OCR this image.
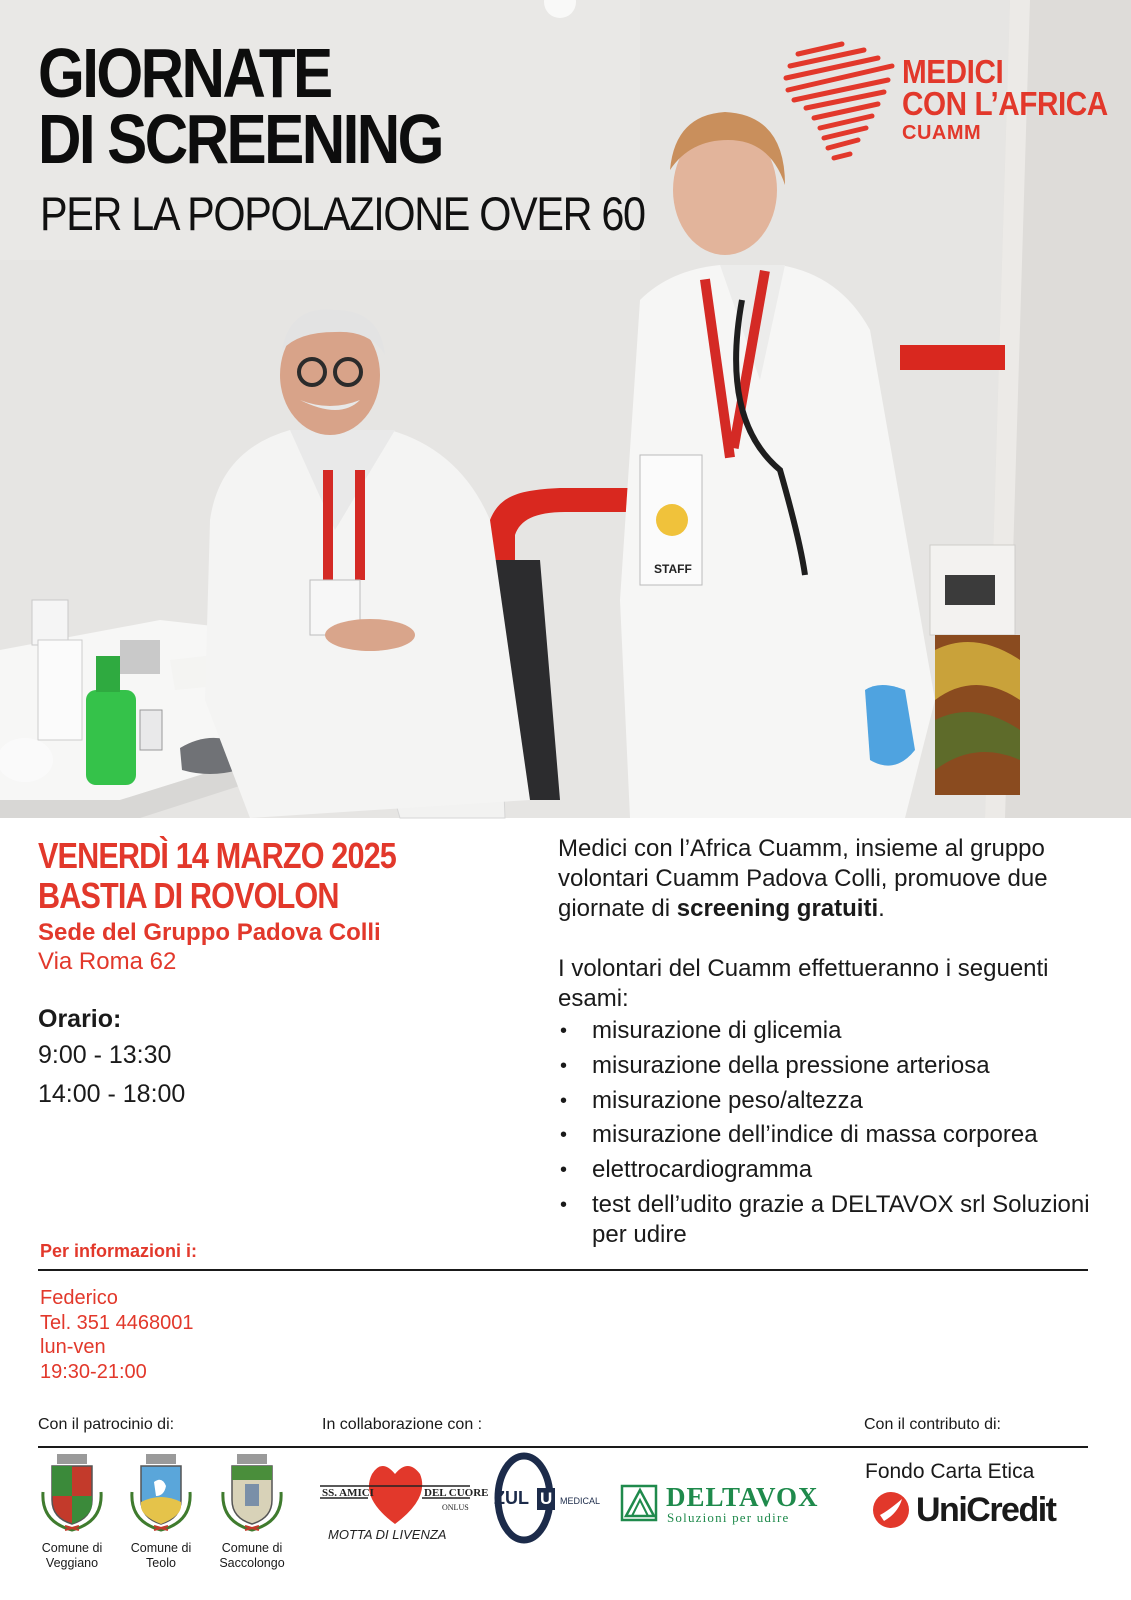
STAFF
GIORNATE
DI SCREENING
PER LA POPOLAZIONE OVER 60
MEDICI
CON L’AFRICA
CUAMM
VENERDÌ 14 MARZO 2025
BASTIA DI ROVOLON
Sede del Gruppo Padova Colli
Via Roma 62
Orario:
9:00 - 13:30
14:00 - 18:00

Medici con l’Africa Cuamm, insieme al gruppo volontari Cuamm Padova Colli, promuove due giornate di screening gratuiti.

I volontari del Cuamm effettueranno i seguenti esami:

• misurazione di glicemia
• misurazione della pressione arteriosa
• misurazione peso/altezza
• misurazione dell’indice di massa corporea
• elettrocardiogramma
• test dell’udito grazie a DELTAVOX srl Soluzioni per udire
Per informazioni i:
Federico
Tel. 351 4468001
lun-ven
19:30-21:00
Con il patrocinio di:	In collaborazione con :	Con il contributo di:
Comune di
Veggiano
Comune di
Teolo
Comune di
Saccolongo
SS. AMICI	DEL CUORE
ONLUS
MOTTA DI LIVENZA
ZUL U MEDICAL DELTAVOX
Soluzioni per udire
Fondo Carta Etica
UniCredit
